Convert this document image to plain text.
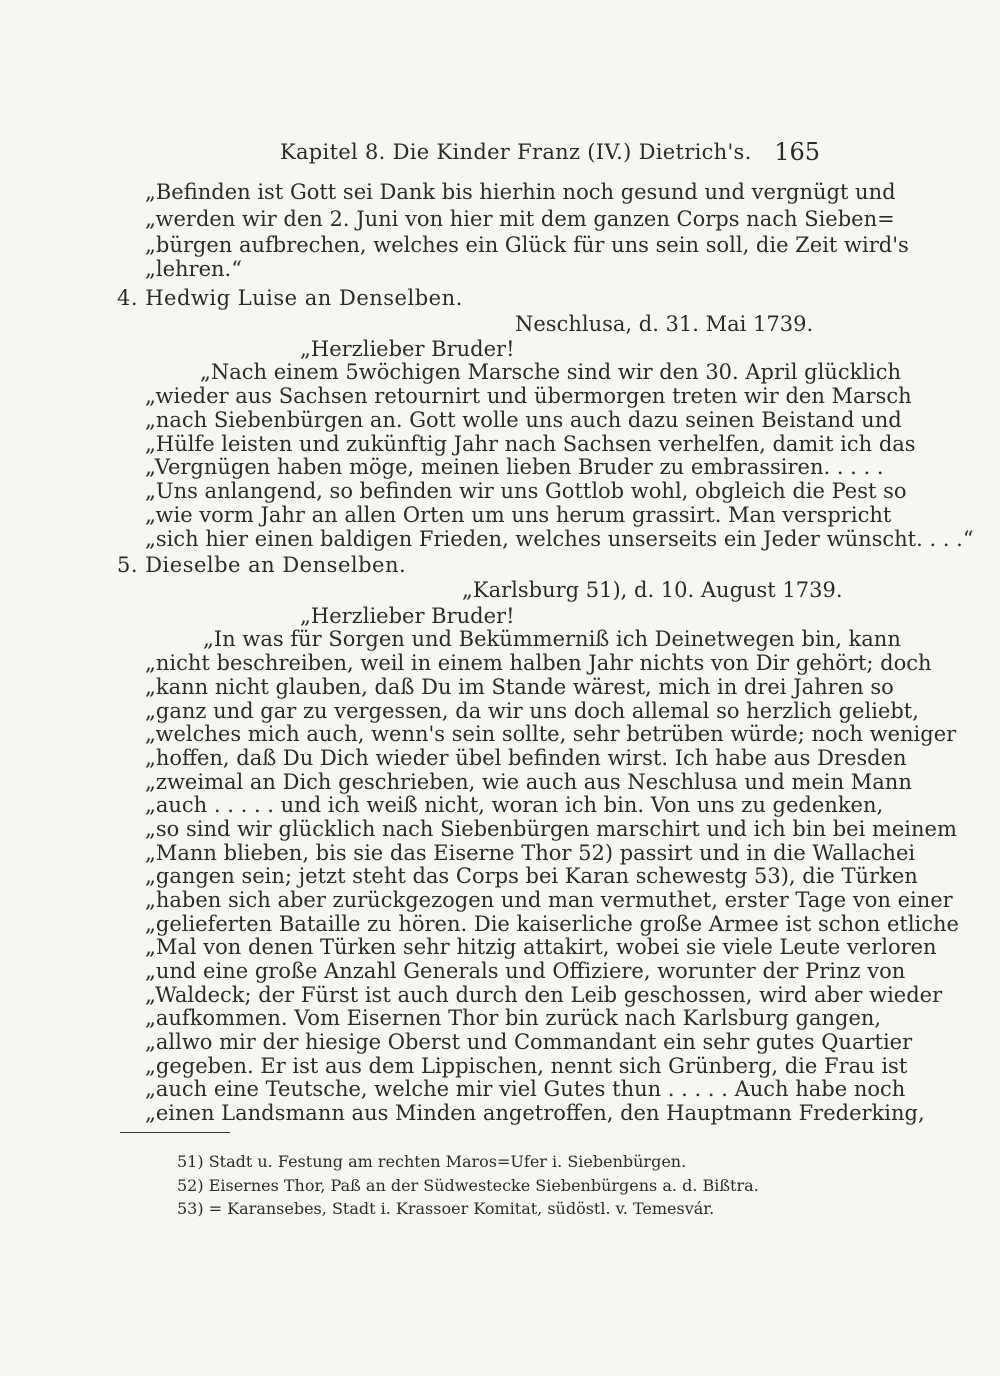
Kapitel 8. Die Kinder Franz (IV.) Dietrich's. 165
„Befinden ist Gott sei Dank bis hierhin noch gesund und vergnügt und
„werden wir den 2. Juni von hier mit dem ganzen Corps nach Sieben=
„bürgen aufbrechen, welches ein Glück für uns sein soll, die Zeit wird's
„lehren.“
4. Hedwig Luise an Denselben.
Neschlusa, d. 31. Mai 1739.
„Herzlieber Bruder!
„Nach einem 5wöchigen Marsche sind wir den 30. April glücklich
„wieder aus Sachsen retournirt und übermorgen treten wir den Marsch
„nach Siebenbürgen an. Gott wolle uns auch dazu seinen Beistand und
„Hülfe leisten und zukünftig Jahr nach Sachsen verhelfen, damit ich das
„Vergnügen haben möge, meinen lieben Bruder zu embrassiren. . . . .
„Uns anlangend, so befinden wir uns Gottlob wohl, obgleich die Pest so
„wie vorm Jahr an allen Orten um uns herum grassirt. Man verspricht
„sich hier einen baldigen Frieden, welches unserseits ein Jeder wünscht. . . .“
5. Dieselbe an Denselben.
„Karlsburg 51), d. 10. August 1739.
„Herzlieber Bruder!
„In was für Sorgen und Bekümmerniß ich Deinetwegen bin, kann
„nicht beschreiben, weil in einem halben Jahr nichts von Dir gehört; doch
„kann nicht glauben, daß Du im Stande wärest, mich in drei Jahren so
„ganz und gar zu vergessen, da wir uns doch allemal so herzlich geliebt,
„welches mich auch, wenn's sein sollte, sehr betrüben würde; noch weniger
„hoffen, daß Du Dich wieder übel befinden wirst. Ich habe aus Dresden
„zweimal an Dich geschrieben, wie auch aus Neschlusa und mein Mann
„auch . . . . . und ich weiß nicht, woran ich bin. Von uns zu gedenken,
„so sind wir glücklich nach Siebenbürgen marschirt und ich bin bei meinem
„Mann blieben, bis sie das Eiserne Thor 52) passirt und in die Wallachei
„gangen sein; jetzt steht das Corps bei Karan schewestg 53), die Türken
„haben sich aber zurückgezogen und man vermuthet, erster Tage von einer
„gelieferten Bataille zu hören. Die kaiserliche große Armee ist schon etliche
„Mal von denen Türken sehr hitzig attakirt, wobei sie viele Leute verloren
„und eine große Anzahl Generals und Offiziere, worunter der Prinz von
„Waldeck; der Fürst ist auch durch den Leib geschossen, wird aber wieder
„aufkommen. Vom Eisernen Thor bin zurück nach Karlsburg gangen,
„allwo mir der hiesige Oberst und Commandant ein sehr gutes Quartier
„gegeben. Er ist aus dem Lippischen, nennt sich Grünberg, die Frau ist
„auch eine Teutsche, welche mir viel Gutes thun . . . . . Auch habe noch
„einen Landsmann aus Minden angetroffen, den Hauptmann Frederking,
51) Stadt u. Festung am rechten Maros=Ufer i. Siebenbürgen.
52) Eisernes Thor, Paß an der Südwestecke Siebenbürgens a. d. Bißtra.
53) = Karansebes, Stadt i. Krassoer Komitat, südöstl. v. Temesvár.
